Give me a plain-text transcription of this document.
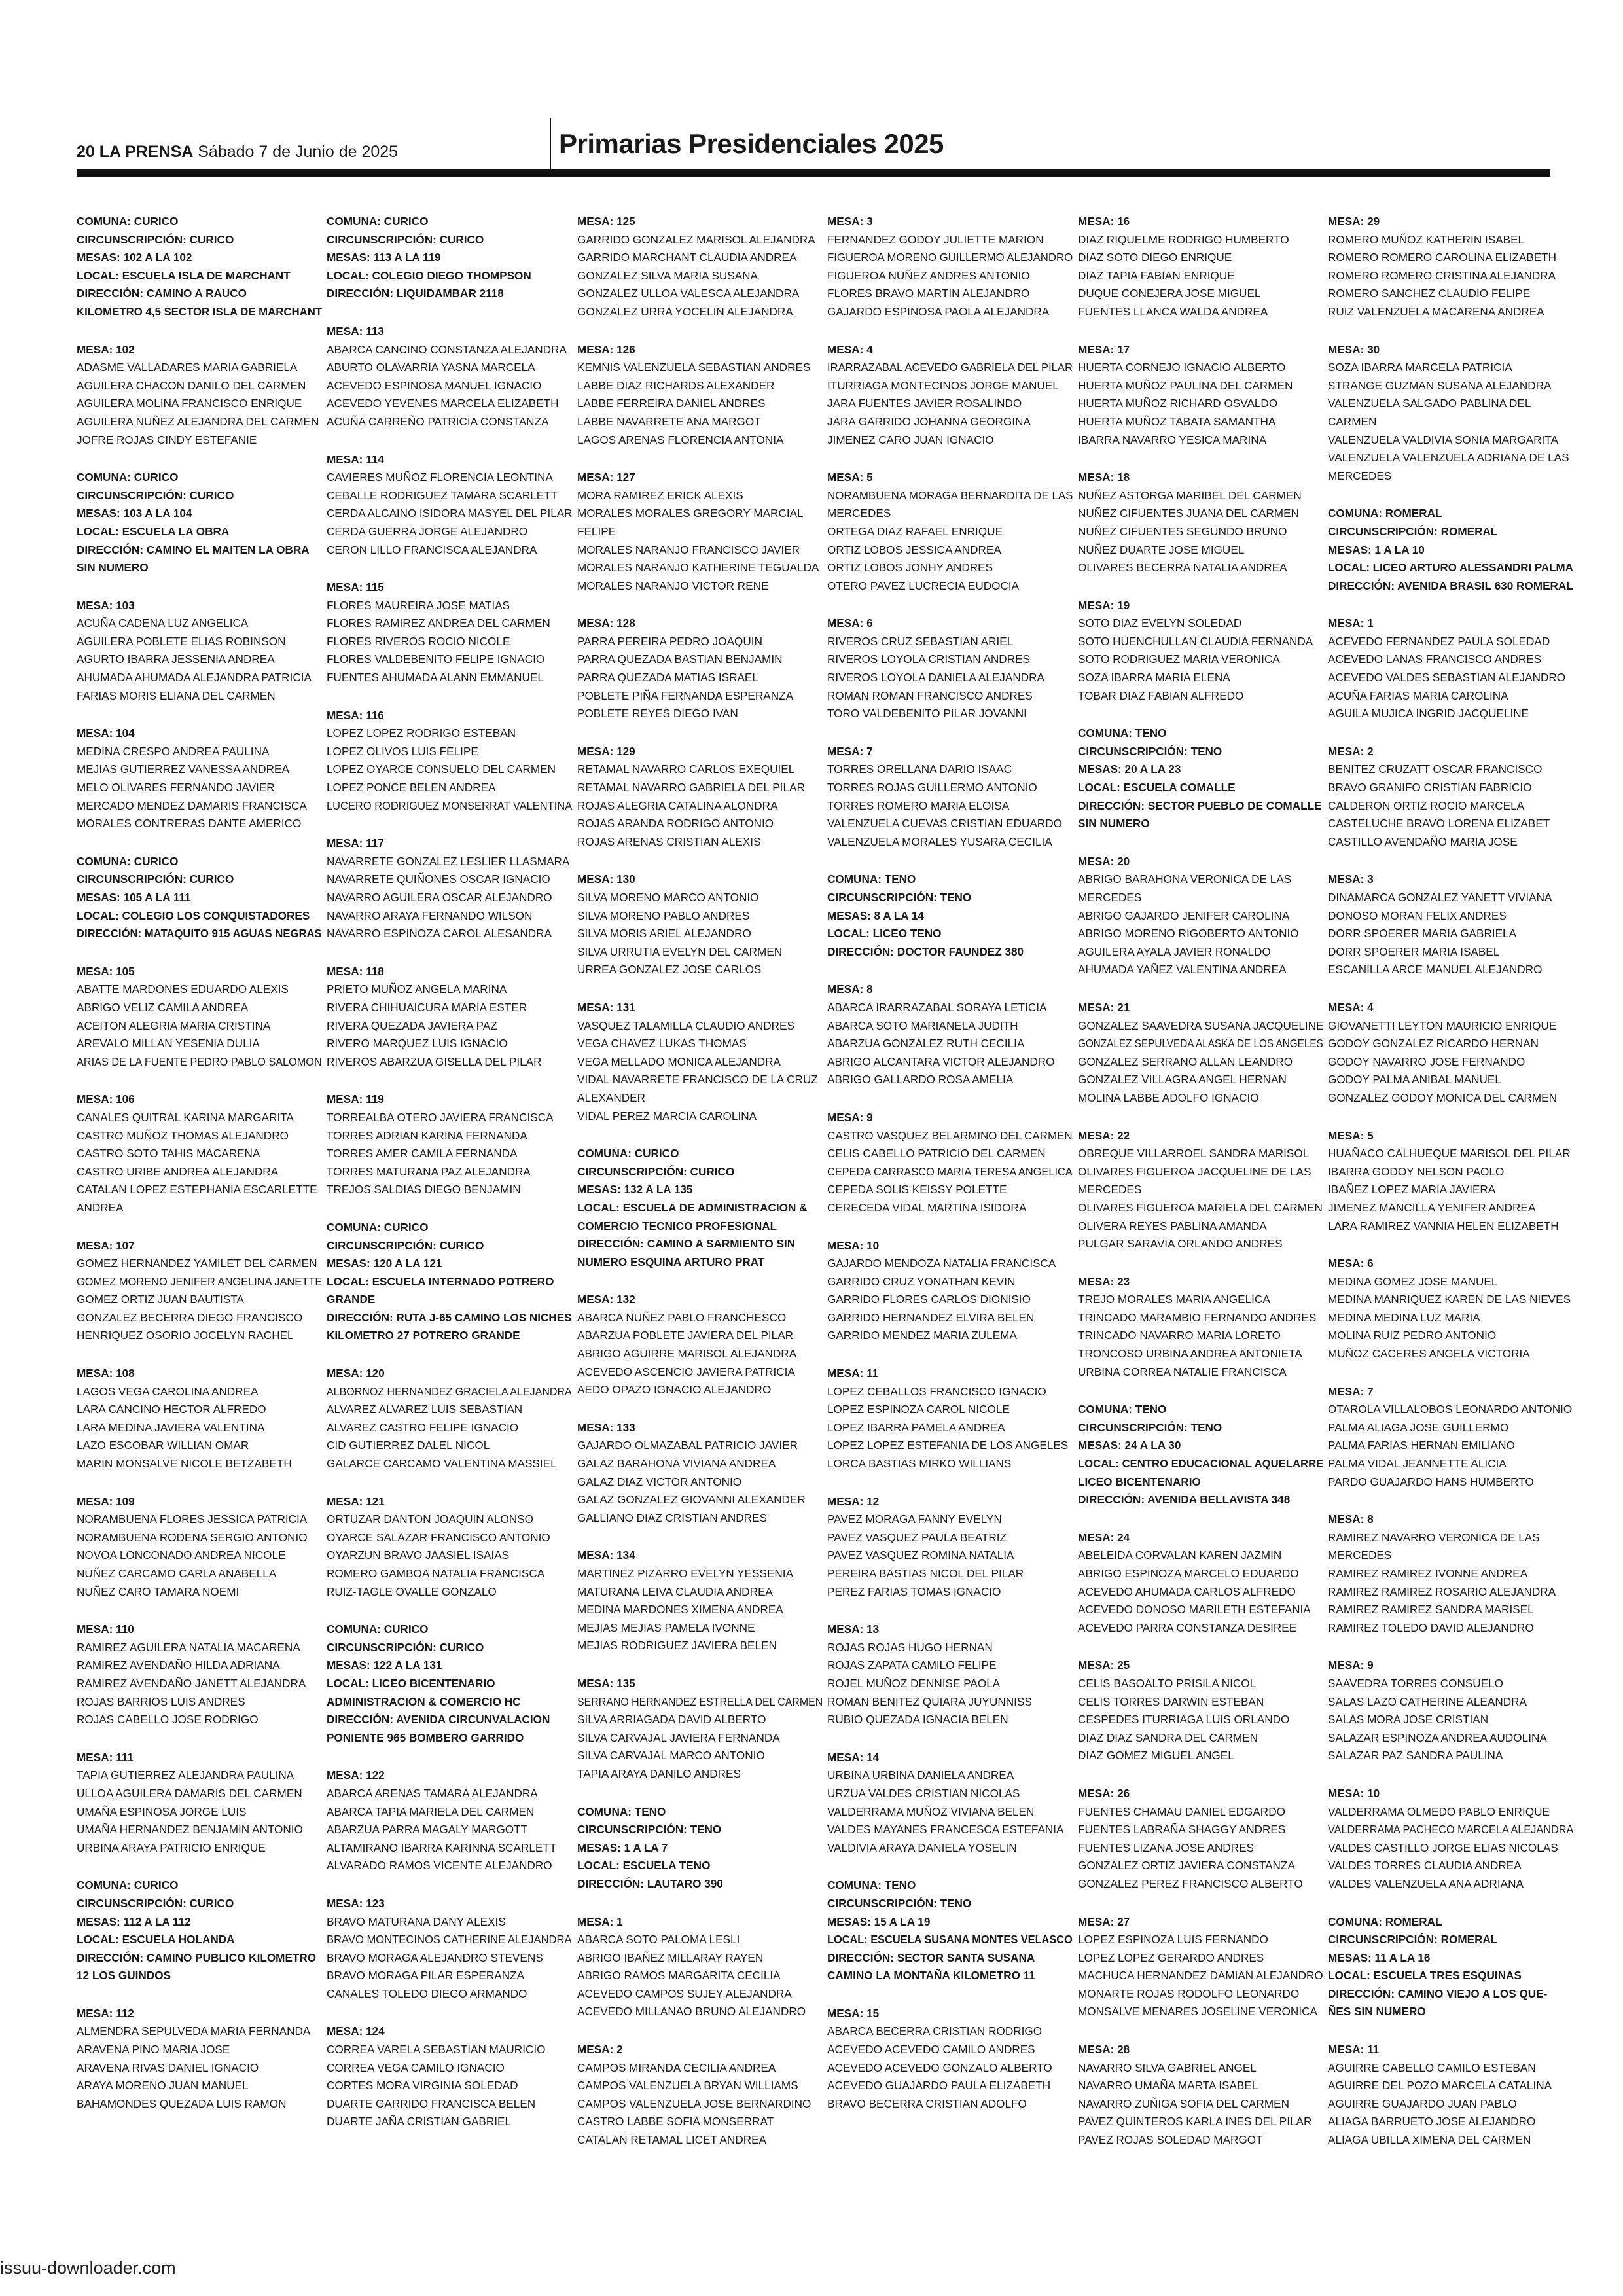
20 LA PRENSA Sábado 7 de Junio de 2025	Primarias Presidenciales 2025
COMUNA: CURICO
CIRCUNSCRIPCIÓN: CURICO
MESAS: 102 A LA 102
LOCAL: ESCUELA ISLA DE MARCHANT
DIRECCIÓN: CAMINO A RAUCO
KILOMETRO 4,5 SECTOR ISLA DE MARCHANT
MESA: 102
ADASME VALLADARES MARIA GABRIELA
AGUILERA CHACON DANILO DEL CARMEN
AGUILERA MOLINA FRANCISCO ENRIQUE
AGUILERA NUÑEZ ALEJANDRA DEL CARMEN
JOFRE ROJAS CINDY ESTEFANIE
COMUNA: CURICO
CIRCUNSCRIPCIÓN: CURICO
MESAS: 103 A LA 104
LOCAL: ESCUELA LA OBRA
DIRECCIÓN: CAMINO EL MAITEN LA OBRA
SIN NUMERO
MESA: 103
ACUÑA CADENA LUZ ANGELICA
AGUILERA POBLETE ELIAS ROBINSON
AGURTO IBARRA JESSENIA ANDREA
AHUMADA AHUMADA ALEJANDRA PATRICIA
FARIAS MORIS ELIANA DEL CARMEN
MESA: 104
MEDINA CRESPO ANDREA PAULINA
MEJIAS GUTIERREZ VANESSA ANDREA
MELO OLIVARES FERNANDO JAVIER
MERCADO MENDEZ DAMARIS FRANCISCA
MORALES CONTRERAS DANTE AMERICO
COMUNA: CURICO
CIRCUNSCRIPCIÓN: CURICO
MESAS: 105 A LA 111
LOCAL: COLEGIO LOS CONQUISTADORES
DIRECCIÓN: MATAQUITO 915 AGUAS NEGRAS
MESA: 105
ABATTE MARDONES EDUARDO ALEXIS
ABRIGO VELIZ CAMILA ANDREA
ACEITON ALEGRIA MARIA CRISTINA
AREVALO MILLAN YESENIA DULIA
ARIAS DE LA FUENTE PEDRO PABLO SALOMON
MESA: 106
CANALES QUITRAL KARINA MARGARITA
CASTRO MUÑOZ THOMAS ALEJANDRO
CASTRO SOTO TAHIS MACARENA
CASTRO URIBE ANDREA ALEJANDRA
CATALAN LOPEZ ESTEPHANIA ESCARLETTE
ANDREA
MESA: 107
GOMEZ HERNANDEZ YAMILET DEL CARMEN
GOMEZ MORENO JENIFER ANGELINA JANETTE
GOMEZ ORTIZ JUAN BAUTISTA
GONZALEZ BECERRA DIEGO FRANCISCO
HENRIQUEZ OSORIO JOCELYN RACHEL
MESA: 108
LAGOS VEGA CAROLINA ANDREA
LARA CANCINO HECTOR ALFREDO
LARA MEDINA JAVIERA VALENTINA
LAZO ESCOBAR WILLIAN OMAR
MARIN MONSALVE NICOLE BETZABETH
MESA: 109
NORAMBUENA FLORES JESSICA PATRICIA
NORAMBUENA RODENA SERGIO ANTONIO
NOVOA LONCONADO ANDREA NICOLE
NUÑEZ CARCAMO CARLA ANABELLA
NUÑEZ CARO TAMARA NOEMI
MESA: 110
RAMIREZ AGUILERA NATALIA MACARENA
RAMIREZ AVENDAÑO HILDA ADRIANA
RAMIREZ AVENDAÑO JANETT ALEJANDRA
ROJAS BARRIOS LUIS ANDRES
ROJAS CABELLO JOSE RODRIGO
MESA: 111
TAPIA GUTIERREZ ALEJANDRA PAULINA
ULLOA AGUILERA DAMARIS DEL CARMEN
UMAÑA ESPINOSA JORGE LUIS
UMAÑA HERNANDEZ BENJAMIN ANTONIO
URBINA ARAYA PATRICIO ENRIQUE
COMUNA: CURICO
CIRCUNSCRIPCIÓN: CURICO
MESAS: 112 A LA 112
LOCAL: ESCUELA HOLANDA
DIRECCIÓN: CAMINO PUBLICO KILOMETRO
12 LOS GUINDOS
MESA: 112
ALMENDRA SEPULVEDA MARIA FERNANDA
ARAVENA PINO MARIA JOSE
ARAVENA RIVAS DANIEL IGNACIO
ARAYA MORENO JUAN MANUEL
BAHAMONDES QUEZADA LUIS RAMON
COMUNA: CURICO
CIRCUNSCRIPCIÓN: CURICO
MESAS: 113 A LA 119
LOCAL: COLEGIO DIEGO THOMPSON
DIRECCIÓN: LIQUIDAMBAR 2118
MESA: 113
ABARCA CANCINO CONSTANZA ALEJANDRA
ABURTO OLAVARRIA YASNA MARCELA
ACEVEDO ESPINOSA MANUEL IGNACIO
ACEVEDO YEVENES MARCELA ELIZABETH
ACUÑA CARREÑO PATRICIA CONSTANZA
MESA: 114
CAVIERES MUÑOZ FLORENCIA LEONTINA
CEBALLE RODRIGUEZ TAMARA SCARLETT
CERDA ALCAINO ISIDORA MASYEL DEL PILAR
CERDA GUERRA JORGE ALEJANDRO
CERON LILLO FRANCISCA ALEJANDRA
MESA: 115
FLORES MAUREIRA JOSE MATIAS
FLORES RAMIREZ ANDREA DEL CARMEN
FLORES RIVEROS ROCIO NICOLE
FLORES VALDEBENITO FELIPE IGNACIO
FUENTES AHUMADA ALANN EMMANUEL
MESA: 116
LOPEZ LOPEZ RODRIGO ESTEBAN
LOPEZ OLIVOS LUIS FELIPE
LOPEZ OYARCE CONSUELO DEL CARMEN
LOPEZ PONCE BELEN ANDREA
LUCERO RODRIGUEZ MONSERRAT VALENTINA
MESA: 117
NAVARRETE GONZALEZ LESLIER LLASMARA
NAVARRETE QUIÑONES OSCAR IGNACIO
NAVARRO AGUILERA OSCAR ALEJANDRO
NAVARRO ARAYA FERNANDO WILSON
NAVARRO ESPINOZA CAROL ALESANDRA
MESA: 118
PRIETO MUÑOZ ANGELA MARINA
RIVERA CHIHUAICURA MARIA ESTER
RIVERA QUEZADA JAVIERA PAZ
RIVERO MARQUEZ LUIS IGNACIO
RIVEROS ABARZUA GISELLA DEL PILAR
MESA: 119
TORREALBA OTERO JAVIERA FRANCISCA
TORRES ADRIAN KARINA FERNANDA
TORRES AMER CAMILA FERNANDA
TORRES MATURANA PAZ ALEJANDRA
TREJOS SALDIAS DIEGO BENJAMIN
COMUNA: CURICO
CIRCUNSCRIPCIÓN: CURICO
MESAS: 120 A LA 121
LOCAL: ESCUELA INTERNADO POTRERO
GRANDE
DIRECCIÓN: RUTA J-65 CAMINO LOS NICHES
KILOMETRO 27 POTRERO GRANDE
MESA: 120
ALBORNOZ HERNANDEZ GRACIELA ALEJANDRA
ALVAREZ ALVAREZ LUIS SEBASTIAN
ALVAREZ CASTRO FELIPE IGNACIO
CID GUTIERREZ DALEL NICOL
GALARCE CARCAMO VALENTINA MASSIEL
MESA: 121
ORTUZAR DANTON JOAQUIN ALONSO
OYARCE SALAZAR FRANCISCO ANTONIO
OYARZUN BRAVO JAASIEL ISAIAS
ROMERO GAMBOA NATALIA FRANCISCA
RUIZ-TAGLE OVALLE GONZALO
COMUNA: CURICO
CIRCUNSCRIPCIÓN: CURICO
MESAS: 122 A LA 131
LOCAL: LICEO BICENTENARIO
ADMINISTRACION & COMERCIO HC
DIRECCIÓN: AVENIDA CIRCUNVALACION
PONIENTE 965 BOMBERO GARRIDO
MESA: 122
ABARCA ARENAS TAMARA ALEJANDRA
ABARCA TAPIA MARIELA DEL CARMEN
ABARZUA PARRA MAGALY MARGOTT
ALTAMIRANO IBARRA KARINNA SCARLETT
ALVARADO RAMOS VICENTE ALEJANDRO
MESA: 123
BRAVO MATURANA DANY ALEXIS
BRAVO MONTECINOS CATHERINE ALEJANDRA
BRAVO MORAGA ALEJANDRO STEVENS
BRAVO MORAGA PILAR ESPERANZA
CANALES TOLEDO DIEGO ARMANDO
MESA: 124
CORREA VARELA SEBASTIAN MAURICIO
CORREA VEGA CAMILO IGNACIO
CORTES MORA VIRGINIA SOLEDAD
DUARTE GARRIDO FRANCISCA BELEN
DUARTE JAÑA CRISTIAN GABRIEL
MESA: 125
GARRIDO GONZALEZ MARISOL ALEJANDRA
GARRIDO MARCHANT CLAUDIA ANDREA
GONZALEZ SILVA MARIA SUSANA
GONZALEZ ULLOA VALESCA ALEJANDRA
GONZALEZ URRA YOCELIN ALEJANDRA
MESA: 126
KEMNIS VALENZUELA SEBASTIAN ANDRES
LABBE DIAZ RICHARDS ALEXANDER
LABBE FERREIRA DANIEL ANDRES
LABBE NAVARRETE ANA MARGOT
LAGOS ARENAS FLORENCIA ANTONIA
MESA: 127
MORA RAMIREZ ERICK ALEXIS
MORALES MORALES GREGORY MARCIAL
FELIPE
MORALES NARANJO FRANCISCO JAVIER
MORALES NARANJO KATHERINE TEGUALDA
MORALES NARANJO VICTOR RENE
MESA: 128
PARRA PEREIRA PEDRO JOAQUIN
PARRA QUEZADA BASTIAN BENJAMIN
PARRA QUEZADA MATIAS ISRAEL
POBLETE PIÑA FERNANDA ESPERANZA
POBLETE REYES DIEGO IVAN
MESA: 129
RETAMAL NAVARRO CARLOS EXEQUIEL
RETAMAL NAVARRO GABRIELA DEL PILAR
ROJAS ALEGRIA CATALINA ALONDRA
ROJAS ARANDA RODRIGO ANTONIO
ROJAS ARENAS CRISTIAN ALEXIS
MESA: 130
SILVA MORENO MARCO ANTONIO
SILVA MORENO PABLO ANDRES
SILVA MORIS ARIEL ALEJANDRO
SILVA URRUTIA EVELYN DEL CARMEN
URREA GONZALEZ JOSE CARLOS
MESA: 131
VASQUEZ TALAMILLA CLAUDIO ANDRES
VEGA CHAVEZ LUKAS THOMAS
VEGA MELLADO MONICA ALEJANDRA
VIDAL NAVARRETE FRANCISCO DE LA CRUZ
ALEXANDER
VIDAL PEREZ MARCIA CAROLINA
COMUNA: CURICO
CIRCUNSCRIPCIÓN: CURICO
MESAS: 132 A LA 135
LOCAL: ESCUELA DE ADMINISTRACION &
COMERCIO TECNICO PROFESIONAL
DIRECCIÓN: CAMINO A SARMIENTO SIN
NUMERO ESQUINA ARTURO PRAT
MESA: 132
ABARCA NUÑEZ PABLO FRANCHESCO
ABARZUA POBLETE JAVIERA DEL PILAR
ABRIGO AGUIRRE MARISOL ALEJANDRA
ACEVEDO ASCENCIO JAVIERA PATRICIA
AEDO OPAZO IGNACIO ALEJANDRO
MESA: 133
GAJARDO OLMAZABAL PATRICIO JAVIER
GALAZ BARAHONA VIVIANA ANDREA
GALAZ DIAZ VICTOR ANTONIO
GALAZ GONZALEZ GIOVANNI ALEXANDER
GALLIANO DIAZ CRISTIAN ANDRES
MESA: 134
MARTINEZ PIZARRO EVELYN YESSENIA
MATURANA LEIVA CLAUDIA ANDREA
MEDINA MARDONES XIMENA ANDREA
MEJIAS MEJIAS PAMELA IVONNE
MEJIAS RODRIGUEZ JAVIERA BELEN
MESA: 135
SERRANO HERNANDEZ ESTRELLA DEL CARMEN
SILVA ARRIAGADA DAVID ALBERTO
SILVA CARVAJAL JAVIERA FERNANDA
SILVA CARVAJAL MARCO ANTONIO
TAPIA ARAYA DANILO ANDRES
COMUNA: TENO
CIRCUNSCRIPCIÓN: TENO
MESAS: 1 A LA 7
LOCAL: ESCUELA TENO
DIRECCIÓN: LAUTARO 390
MESA: 1
ABARCA SOTO PALOMA LESLI
ABRIGO IBAÑEZ MILLARAY RAYEN
ABRIGO RAMOS MARGARITA CECILIA
ACEVEDO CAMPOS SUJEY ALEJANDRA
ACEVEDO MILLANAO BRUNO ALEJANDRO
MESA: 2
CAMPOS MIRANDA CECILIA ANDREA
CAMPOS VALENZUELA BRYAN WILLIAMS
CAMPOS VALENZUELA JOSE BERNARDINO
CASTRO LABBE SOFIA MONSERRAT
CATALAN RETAMAL LICET ANDREA
MESA: 3
FERNANDEZ GODOY JULIETTE MARION
FIGUEROA MORENO GUILLERMO ALEJANDRO
FIGUEROA NUÑEZ ANDRES ANTONIO
FLORES BRAVO MARTIN ALEJANDRO
GAJARDO ESPINOSA PAOLA ALEJANDRA
MESA: 4
IRARRAZABAL ACEVEDO GABRIELA DEL PILAR
ITURRIAGA MONTECINOS JORGE MANUEL
JARA FUENTES JAVIER ROSALINDO
JARA GARRIDO JOHANNA GEORGINA
JIMENEZ CARO JUAN IGNACIO
MESA: 5
NORAMBUENA MORAGA BERNARDITA DE LAS
MERCEDES
ORTEGA DIAZ RAFAEL ENRIQUE
ORTIZ LOBOS JESSICA ANDREA
ORTIZ LOBOS JONHY ANDRES
OTERO PAVEZ LUCRECIA EUDOCIA
MESA: 6
RIVEROS CRUZ SEBASTIAN ARIEL
RIVEROS LOYOLA CRISTIAN ANDRES
RIVEROS LOYOLA DANIELA ALEJANDRA
ROMAN ROMAN FRANCISCO ANDRES
TORO VALDEBENITO PILAR JOVANNI
MESA: 7
TORRES ORELLANA DARIO ISAAC
TORRES ROJAS GUILLERMO ANTONIO
TORRES ROMERO MARIA ELOISA
VALENZUELA CUEVAS CRISTIAN EDUARDO
VALENZUELA MORALES YUSARA CECILIA
COMUNA: TENO
CIRCUNSCRIPCIÓN: TENO
MESAS: 8 A LA 14
LOCAL: LICEO TENO
DIRECCIÓN: DOCTOR FAUNDEZ 380
MESA: 8
ABARCA IRARRAZABAL SORAYA LETICIA
ABARCA SOTO MARIANELA JUDITH
ABARZUA GONZALEZ RUTH CECILIA
ABRIGO ALCANTARA VICTOR ALEJANDRO
ABRIGO GALLARDO ROSA AMELIA
MESA: 9
CASTRO VASQUEZ BELARMINO DEL CARMEN
CELIS CABELLO PATRICIO DEL CARMEN
CEPEDA CARRASCO MARIA TERESA ANGELICA
CEPEDA SOLIS KEISSY POLETTE
CERECEDA VIDAL MARTINA ISIDORA
MESA: 10
GAJARDO MENDOZA NATALIA FRANCISCA
GARRIDO CRUZ YONATHAN KEVIN
GARRIDO FLORES CARLOS DIONISIO
GARRIDO HERNANDEZ ELVIRA BELEN
GARRIDO MENDEZ MARIA ZULEMA
MESA: 11
LOPEZ CEBALLOS FRANCISCO IGNACIO
LOPEZ ESPINOZA CAROL NICOLE
LOPEZ IBARRA PAMELA ANDREA
LOPEZ LOPEZ ESTEFANIA DE LOS ANGELES
LORCA BASTIAS MIRKO WILLIANS
MESA: 12
PAVEZ MORAGA FANNY EVELYN
PAVEZ VASQUEZ PAULA BEATRIZ
PAVEZ VASQUEZ ROMINA NATALIA
PEREIRA BASTIAS NICOL DEL PILAR
PEREZ FARIAS TOMAS IGNACIO
MESA: 13
ROJAS ROJAS HUGO HERNAN
ROJAS ZAPATA CAMILO FELIPE
ROJEL MUÑOZ DENNISE PAOLA
ROMAN BENITEZ QUIARA JUYUNNISS
RUBIO QUEZADA IGNACIA BELEN
MESA: 14
URBINA URBINA DANIELA ANDREA
URZUA VALDES CRISTIAN NICOLAS
VALDERRAMA MUÑOZ VIVIANA BELEN
VALDES MAYANES FRANCESCA ESTEFANIA
VALDIVIA ARAYA DANIELA YOSELIN
COMUNA: TENO
CIRCUNSCRIPCIÓN: TENO
MESAS: 15 A LA 19
LOCAL: ESCUELA SUSANA MONTES VELASCO
DIRECCIÓN: SECTOR SANTA SUSANA
CAMINO LA MONTAÑA KILOMETRO 11
MESA: 15
ABARCA BECERRA CRISTIAN RODRIGO
ACEVEDO ACEVEDO CAMILO ANDRES
ACEVEDO ACEVEDO GONZALO ALBERTO
ACEVEDO GUAJARDO PAULA ELIZABETH
BRAVO BECERRA CRISTIAN ADOLFO
MESA: 16
DIAZ RIQUELME RODRIGO HUMBERTO
DIAZ SOTO DIEGO ENRIQUE
DIAZ TAPIA FABIAN ENRIQUE
DUQUE CONEJERA JOSE MIGUEL
FUENTES LLANCA WALDA ANDREA
MESA: 17
HUERTA CORNEJO IGNACIO ALBERTO
HUERTA MUÑOZ PAULINA DEL CARMEN
HUERTA MUÑOZ RICHARD OSVALDO
HUERTA MUÑOZ TABATA SAMANTHA
IBARRA NAVARRO YESICA MARINA
MESA: 18
NUÑEZ ASTORGA MARIBEL DEL CARMEN
NUÑEZ CIFUENTES JUANA DEL CARMEN
NUÑEZ CIFUENTES SEGUNDO BRUNO
NUÑEZ DUARTE JOSE MIGUEL
OLIVARES BECERRA NATALIA ANDREA
MESA: 19
SOTO DIAZ EVELYN SOLEDAD
SOTO HUENCHULLAN CLAUDIA FERNANDA
SOTO RODRIGUEZ MARIA VERONICA
SOZA IBARRA MARIA ELENA
TOBAR DIAZ FABIAN ALFREDO
COMUNA: TENO
CIRCUNSCRIPCIÓN: TENO
MESAS: 20 A LA 23
LOCAL: ESCUELA COMALLE
DIRECCIÓN: SECTOR PUEBLO DE COMALLE
SIN NUMERO
MESA: 20
ABRIGO BARAHONA VERONICA DE LAS
MERCEDES
ABRIGO GAJARDO JENIFER CAROLINA
ABRIGO MORENO RIGOBERTO ANTONIO
AGUILERA AYALA JAVIER RONALDO
AHUMADA YAÑEZ VALENTINA ANDREA
MESA: 21
GONZALEZ SAAVEDRA SUSANA JACQUELINE
GONZALEZ SEPULVEDA ALASKA DE LOS ANGELES
GONZALEZ SERRANO ALLAN LEANDRO
GONZALEZ VILLAGRA ANGEL HERNAN
MOLINA LABBE ADOLFO IGNACIO
MESA: 22
OBREQUE VILLARROEL SANDRA MARISOL
OLIVARES FIGUEROA JACQUELINE DE LAS
MERCEDES
OLIVARES FIGUEROA MARIELA DEL CARMEN
OLIVERA REYES PABLINA AMANDA
PULGAR SARAVIA ORLANDO ANDRES
MESA: 23
TREJO MORALES MARIA ANGELICA
TRINCADO MARAMBIO FERNANDO ANDRES
TRINCADO NAVARRO MARIA LORETO
TRONCOSO URBINA ANDREA ANTONIETA
URBINA CORREA NATALIE FRANCISCA
COMUNA: TENO
CIRCUNSCRIPCIÓN: TENO
MESAS: 24 A LA 30
LOCAL: CENTRO EDUCACIONAL AQUELARRE
LICEO BICENTENARIO
DIRECCIÓN: AVENIDA BELLAVISTA 348
MESA: 24
ABELEIDA CORVALAN KAREN JAZMIN
ABRIGO ESPINOZA MARCELO EDUARDO
ACEVEDO AHUMADA CARLOS ALFREDO
ACEVEDO DONOSO MARILETH ESTEFANIA
ACEVEDO PARRA CONSTANZA DESIREE
MESA: 25
CELIS BASOALTO PRISILA NICOL
CELIS TORRES DARWIN ESTEBAN
CESPEDES ITURRIAGA LUIS ORLANDO
DIAZ DIAZ SANDRA DEL CARMEN
DIAZ GOMEZ MIGUEL ANGEL
MESA: 26
FUENTES CHAMAU DANIEL EDGARDO
FUENTES LABRAÑA SHAGGY ANDRES
FUENTES LIZANA JOSE ANDRES
GONZALEZ ORTIZ JAVIERA CONSTANZA
GONZALEZ PEREZ FRANCISCO ALBERTO
MESA: 27
LOPEZ ESPINOZA LUIS FERNANDO
LOPEZ LOPEZ GERARDO ANDRES
MACHUCA HERNANDEZ DAMIAN ALEJANDRO
MONARTE ROJAS RODOLFO LEONARDO
MONSALVE MENARES JOSELINE VERONICA
MESA: 28
NAVARRO SILVA GABRIEL ANGEL
NAVARRO UMAÑA MARTA ISABEL
NAVARRO ZUÑIGA SOFIA DEL CARMEN
PAVEZ QUINTEROS KARLA INES DEL PILAR
PAVEZ ROJAS SOLEDAD MARGOT
MESA: 29
ROMERO MUÑOZ KATHERIN ISABEL
ROMERO ROMERO CAROLINA ELIZABETH
ROMERO ROMERO CRISTINA ALEJANDRA
ROMERO SANCHEZ CLAUDIO FELIPE
RUIZ VALENZUELA MACARENA ANDREA
MESA: 30
SOZA IBARRA MARCELA PATRICIA
STRANGE GUZMAN SUSANA ALEJANDRA
VALENZUELA SALGADO PABLINA DEL
CARMEN
VALENZUELA VALDIVIA SONIA MARGARITA
VALENZUELA VALENZUELA ADRIANA DE LAS
MERCEDES
COMUNA: ROMERAL
CIRCUNSCRIPCIÓN: ROMERAL
MESAS: 1 A LA 10
LOCAL: LICEO ARTURO ALESSANDRI PALMA
DIRECCIÓN: AVENIDA BRASIL 630 ROMERAL
MESA: 1
ACEVEDO FERNANDEZ PAULA SOLEDAD
ACEVEDO LANAS FRANCISCO ANDRES
ACEVEDO VALDES SEBASTIAN ALEJANDRO
ACUÑA FARIAS MARIA CAROLINA
AGUILA MUJICA INGRID JACQUELINE
MESA: 2
BENITEZ CRUZATT OSCAR FRANCISCO
BRAVO GRANIFO CRISTIAN FABRICIO
CALDERON ORTIZ ROCIO MARCELA
CASTELUCHE BRAVO LORENA ELIZABET
CASTILLO AVENDAÑO MARIA JOSE
MESA: 3
DINAMARCA GONZALEZ YANETT VIVIANA
DONOSO MORAN FELIX ANDRES
DORR SPOERER MARIA GABRIELA
DORR SPOERER MARIA ISABEL
ESCANILLA ARCE MANUEL ALEJANDRO
MESA: 4
GIOVANETTI LEYTON MAURICIO ENRIQUE
GODOY GONZALEZ RICARDO HERNAN
GODOY NAVARRO JOSE FERNANDO
GODOY PALMA ANIBAL MANUEL
GONZALEZ GODOY MONICA DEL CARMEN
MESA: 5
HUAÑACO CALHUEQUE MARISOL DEL PILAR
IBARRA GODOY NELSON PAOLO
IBAÑEZ LOPEZ MARIA JAVIERA
JIMENEZ MANCILLA YENIFER ANDREA
LARA RAMIREZ VANNIA HELEN ELIZABETH
MESA: 6
MEDINA GOMEZ JOSE MANUEL
MEDINA MANRIQUEZ KAREN DE LAS NIEVES
MEDINA MEDINA LUZ MARIA
MOLINA RUIZ PEDRO ANTONIO
MUÑOZ CACERES ANGELA VICTORIA
MESA: 7
OTAROLA VILLALOBOS LEONARDO ANTONIO
PALMA ALIAGA JOSE GUILLERMO
PALMA FARIAS HERNAN EMILIANO
PALMA VIDAL JEANNETTE ALICIA
PARDO GUAJARDO HANS HUMBERTO
MESA: 8
RAMIREZ NAVARRO VERONICA DE LAS
MERCEDES
RAMIREZ RAMIREZ IVONNE ANDREA
RAMIREZ RAMIREZ ROSARIO ALEJANDRA
RAMIREZ RAMIREZ SANDRA MARISEL
RAMIREZ TOLEDO DAVID ALEJANDRO
MESA: 9
SAAVEDRA TORRES CONSUELO
SALAS LAZO CATHERINE ALEANDRA
SALAS MORA JOSE CRISTIAN
SALAZAR ESPINOZA ANDREA AUDOLINA
SALAZAR PAZ SANDRA PAULINA
MESA: 10
VALDERRAMA OLMEDO PABLO ENRIQUE
VALDERRAMA PACHECO MARCELA ALEJANDRA
VALDES CASTILLO JORGE ELIAS NICOLAS
VALDES TORRES CLAUDIA ANDREA
VALDES VALENZUELA ANA ADRIANA
COMUNA: ROMERAL
CIRCUNSCRIPCIÓN: ROMERAL
MESAS: 11 A LA 16
LOCAL: ESCUELA TRES ESQUINAS
DIRECCIÓN: CAMINO VIEJO A LOS QUE-
ÑES SIN NUMERO
MESA: 11
AGUIRRE CABELLO CAMILO ESTEBAN
AGUIRRE DEL POZO MARCELA CATALINA
AGUIRRE GUAJARDO JUAN PABLO
ALIAGA BARRUETO JOSE ALEJANDRO
ALIAGA UBILLA XIMENA DEL CARMEN
issuu-downloader.com
